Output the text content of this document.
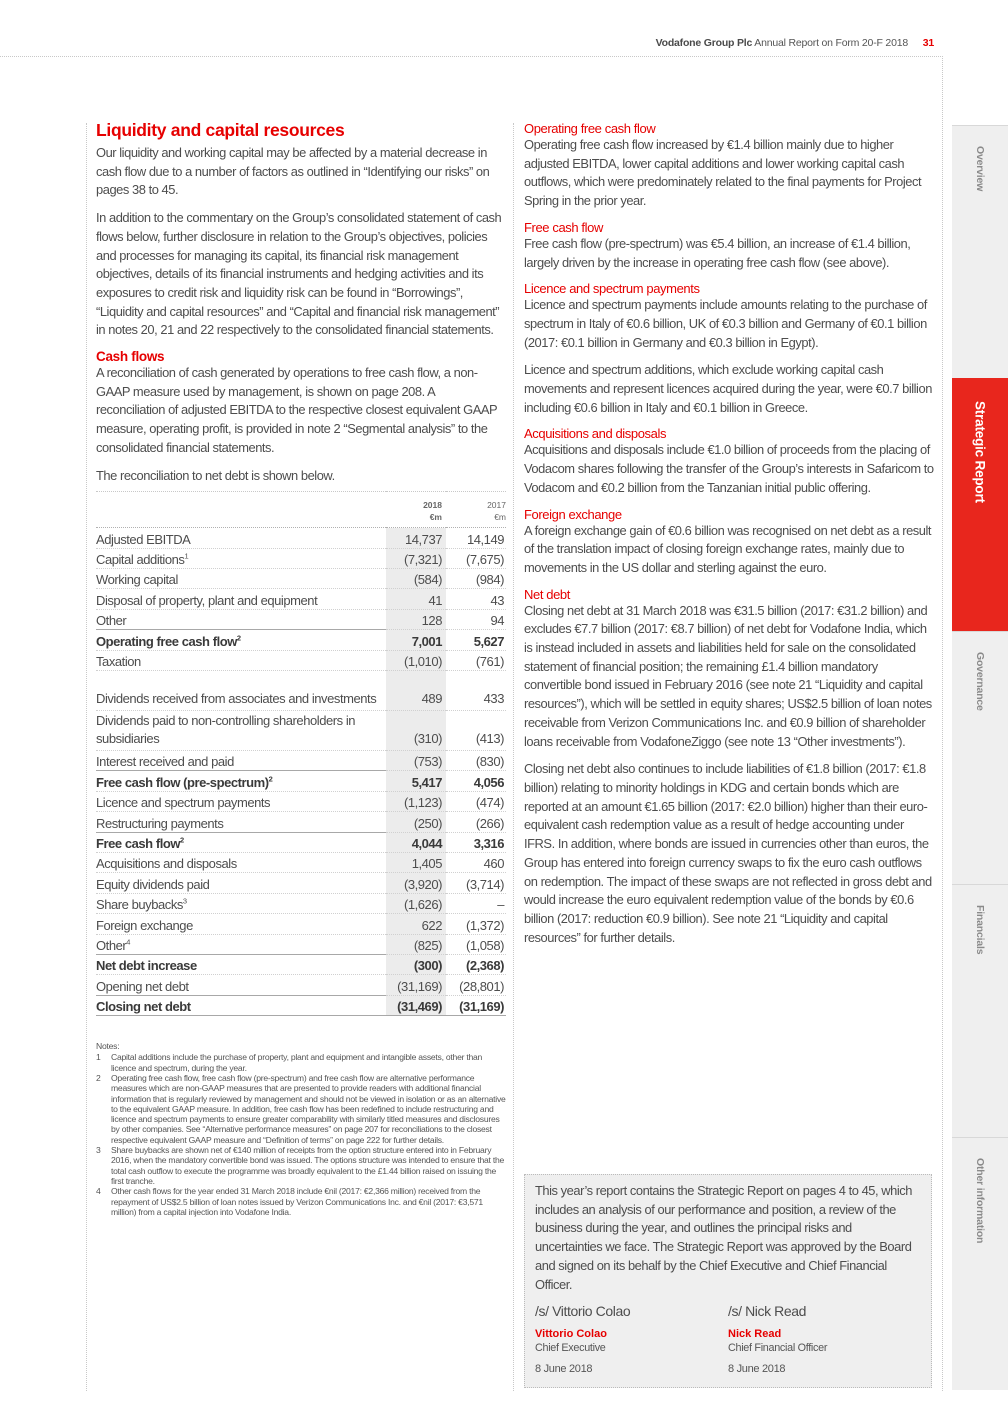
Vodafone Group Plc Annual Report on Form 20-F 2018 31
Liquidity and capital resources

Our liquidity and working capital may be affected by a material decrease in cash flow due to a number of factors as outlined in “Identifying our risks” on pages 38 to 45.

In addition to the commentary on the Group’s consolidated statement of cash flows below, further disclosure in relation to the Group’s objectives, policies and processes for managing its capital, its financial risk management objectives, details of its financial instruments and hedging activities and its exposures to credit risk and liquidity risk can be found in “Borrowings”, “Liquidity and capital resources” and “Capital and financial risk management” in notes 20, 21 and 22 respectively to the consolidated financial statements.

Cash flows

A reconciliation of cash generated by operations to free cash flow, a non-GAAP measure used by management, is shown on page 208. A reconciliation of adjusted EBITDA to the respective closest equivalent GAAP measure, operating profit, is provided in note 2 “Segmental analysis” to the consolidated financial statements.

The reconciliation to net debt is shown below.

2018
€m

2017
€m

Adjusted EBITDA	14,737	14,149
Capital additions$^1$	(7,321)	(7,675)
Working capital	(584)	(984)
Disposal of property, plant and equipment	41	43
Other	128	94
Operating free cash flow$^2$	7,001	5,627
Taxation	(1,010)	(761)
Dividends received from associates and investments	489	433
Dividends paid to non-controlling shareholders in subsidiaries	(310)	(413)
Interest received and paid	(753)	(830)
Free cash flow (pre-spectrum)$^2$	5,417	4,056
Licence and spectrum payments	(1,123)	(474)
Restructuring payments	(250)	(266)
Free cash flow$^2$	4,044	3,316
Acquisitions and disposals	1,405	460
Equity dividends paid	(3,920)	(3,714)
Share buybacks$^3$	(1,626)	–
Foreign exchange	622	(1,372)
Other$^4$	(825)	(1,058)
Net debt increase	(300)	(2,368)
Opening net debt	(31,169)	(28,801)
Closing net debt	(31,469)	(31,169)
Notes:
1	Capital additions include the purchase of property, plant and equipment and intangible assets, other than licence and spectrum, during the year.
2	Operating free cash flow, free cash flow (pre-spectrum) and free cash flow are alternative performance measures which are non-GAAP measures that are presented to provide readers with additional financial information that is regularly reviewed by management and should not be viewed in isolation or as an alternative to the equivalent GAAP measure. In addition, free cash flow has been redefined to include restructuring and licence and spectrum payments to ensure greater comparability with similarly titled measures and disclosures by other companies. See “Alternative performance measures” on page 207 for reconciliations to the closest respective equivalent GAAP measure and “Definition of terms” on page 222 for further details.
3	Share buybacks are shown net of €140 million of receipts from the option structure entered into in February 2016, when the mandatory convertible bond was issued. The options structure was intended to ensure that the total cash outflow to execute the programme was broadly equivalent to the £1.44 billion raised on issuing the first tranche.
4	Other cash flows for the year ended 31 March 2018 include €nil (2017: €2,366 million) received from the repayment of US$2.5 billion of loan notes issued by Verizon Communications Inc. and €nil (2017: €3,571 million) from a capital injection into Vodafone India.
Operating free cash flow

Operating free cash flow increased by €1.4 billion mainly due to higher adjusted EBITDA, lower capital additions and lower working capital cash outflows, which were predominately related to the final payments for Project Spring in the prior year.

Free cash flow

Free cash flow (pre-spectrum) was €5.4 billion, an increase of €1.4 billion, largely driven by the increase in operating free cash flow (see above).

Licence and spectrum payments

Licence and spectrum payments include amounts relating to the purchase of spectrum in Italy of €0.6 billion, UK of €0.3 billion and Germany of €0.1 billion (2017: €0.1 billion in Germany and €0.3 billion in Egypt).

Licence and spectrum additions, which exclude working capital cash movements and represent licences acquired during the year, were €0.7 billion including €0.6 billion in Italy and €0.1 billion in Greece.

Acquisitions and disposals

Acquisitions and disposals include €1.0 billion of proceeds from the placing of Vodacom shares following the transfer of the Group’s interests in Safaricom to Vodacom and €0.2 billion from the Tanzanian initial public offering.

Foreign exchange

A foreign exchange gain of €0.6 billion was recognised on net debt as a result of the translation impact of closing foreign exchange rates, mainly due to movements in the US dollar and sterling against the euro.

Net debt

Closing net debt at 31 March 2018 was €31.5 billion (2017: €31.2 billion) and excludes €7.7 billion (2017: €8.7 billion) of net debt for Vodafone India, which is instead included in assets and liabilities held for sale on the consolidated statement of financial position; the remaining £1.4 billion mandatory convertible bond issued in February 2016 (see note 21 “Liquidity and capital resources”), which will be settled in equity shares; US$2.5 billion of loan notes receivable from Verizon Communications Inc. and €0.9 billion of shareholder loans receivable from VodafoneZiggo (see note 13 “Other investments”).

Closing net debt also continues to include liabilities of €1.8 billion (2017: €1.8 billion) relating to minority holdings in KDG and certain bonds which are reported at an amount €1.65 billion (2017: €2.0 billion) higher than their euro-equivalent cash redemption value as a result of hedge accounting under IFRS. In addition, where bonds are issued in currencies other than euros, the Group has entered into foreign currency swaps to fix the euro cash outflows on redemption. The impact of these swaps are not reflected in gross debt and would increase the euro equivalent redemption value of the bonds by €0.6 billion (2017: reduction €0.9 billion). See note 21 “Liquidity and capital resources” for further details.

This year’s report contains the Strategic Report on pages 4 to 45, which includes an analysis of our performance and position, a review of the business during the year, and outlines the principal risks and uncertainties we face. The Strategic Report was approved by the Board and signed on its behalf by the Chief Executive and Chief Financial Officer.

/s/ Vittorio Colao
Vittorio Colao
Chief Executive
8 June 2018
/s/ Nick Read
Nick Read
Chief Financial Officer
8 June 2018
Overview
Strategic Report
Governance
Financials
Other information
